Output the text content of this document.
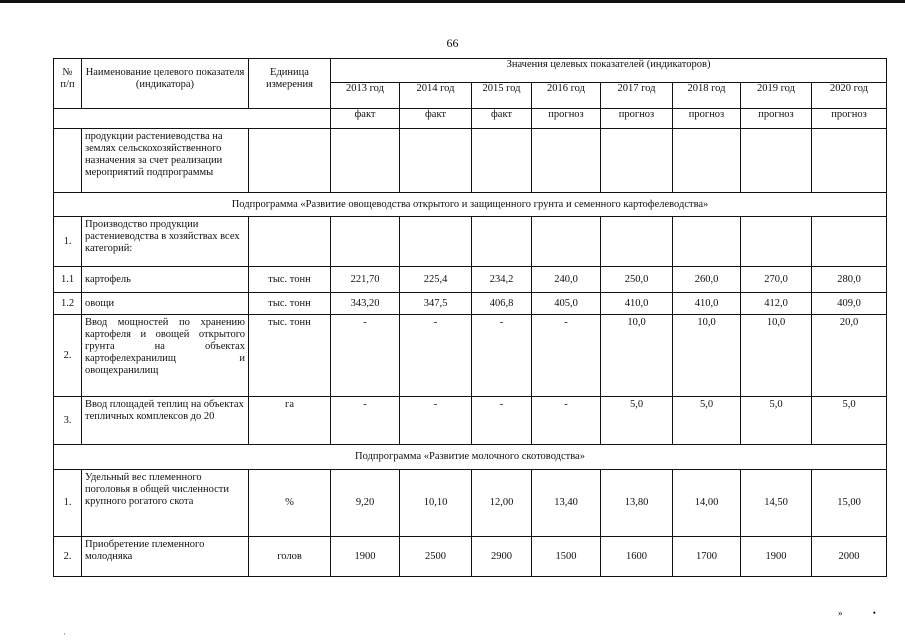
66
№ п/п	Наименование целевого показателя (индикатора)	Единица измерения	Значения целевых показателей (индикаторов)							
			2013 год	2014 год	2015 год	2016 год	2017 год	2018 год	2019 год	2020 год
			факт	факт	факт	прогноз	прогноз	прогноз	прогноз	прогноз
	продукции растениеводства на землях сельскохозяйственного назначения за счет реализации мероприятий подпрограммы									
Подпрограмма «Развитие овощеводства открытого и защищенного грунта и семенного картофелеводства»										
1.	Производство продукции растениеводства в хозяйствах всех категорий:									
1.1	картофель	тыс. тонн	221,70	225,4	234,2	240,0	250,0	260,0	270,0	280,0
1.2	овощи	тыс. тонн	343,20	347,5	406,8	405,0	410,0	410,0	412,0	409,0
2.	Ввод мощностей по хранению картофеля и овощей открытого грунта на объектах картофелехранилищ и овощехранилищ	тыс. тонн	-	-	-	-	10,0	10,0	10,0	20,0
3.	Ввод площадей теплиц на объектах тепличных комплексов до 20	га	-	-	-	-	5,0	5,0	5,0	5,0
Подпрограмма «Развитие молочного скотоводства»										
1.	Удельный вес племенного поголовья в общей численности крупного рогатого скота	%	9,20	10,10	12,00	13,40	13,80	14,00	14,50	15,00
2.	Приобретение племенного молодняка	голов	1900	2500	2900	1500	1600	1700	1900	2000
» •
·
